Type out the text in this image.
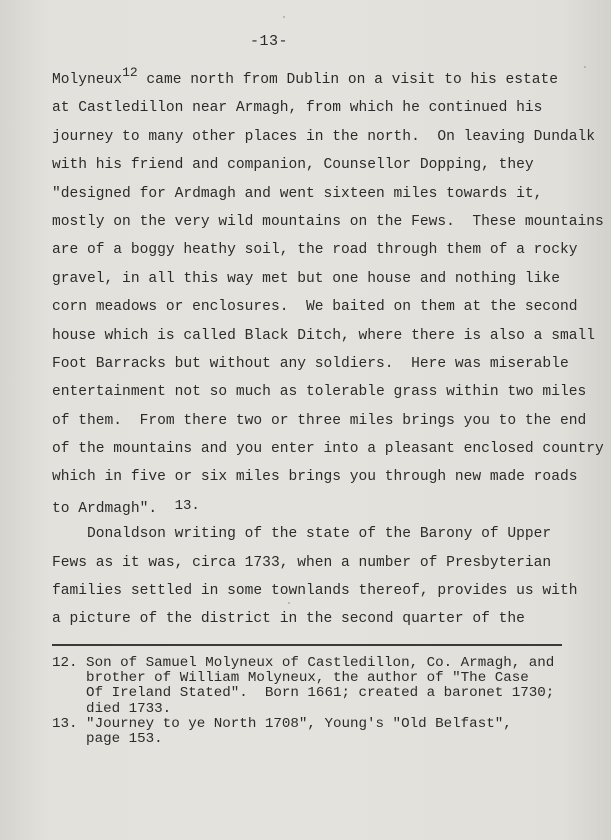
-13-
Molyneux$^{12}$ came north from Dublin on a visit to his estate
at Castledillon near Armagh, from which he continued his
journey to many other places in the north.  On leaving Dundalk
with his friend and companion, Counsellor Dopping, they
"designed for Ardmagh and went sixteen miles towards it,
mostly on the very wild mountains on the Fews.  These mountains
are of a boggy heathy soil, the road through them of a rocky
gravel, in all this way met but one house and nothing like
corn meadows or enclosures.  We baited on them at the second
house which is called Black Ditch, where there is also a small
Foot Barracks but without any soldiers.  Here was miserable
entertainment not so much as tolerable grass within two miles
of them.  From there two or three miles brings you to the end
of the mountains and you enter into a pleasant enclosed country
which in five or six miles brings you through new made roads
to Ardmagh".  13.
Donaldson writing of the state of the Barony of Upper
Fews as it was, circa 1733, when a number of Presbyterian
families settled in some townlands thereof, provides us with
a picture of the district in the second quarter of the
12. Son of Samuel Molyneux of Castledillon, Co. Armagh, and
brother of William Molyneux, the author of "The Case
Of Ireland Stated".  Born 1661; created a baronet 1730;
died 1733.
13. "Journey to ye North 1708", Young's "Old Belfast",
page 153.
